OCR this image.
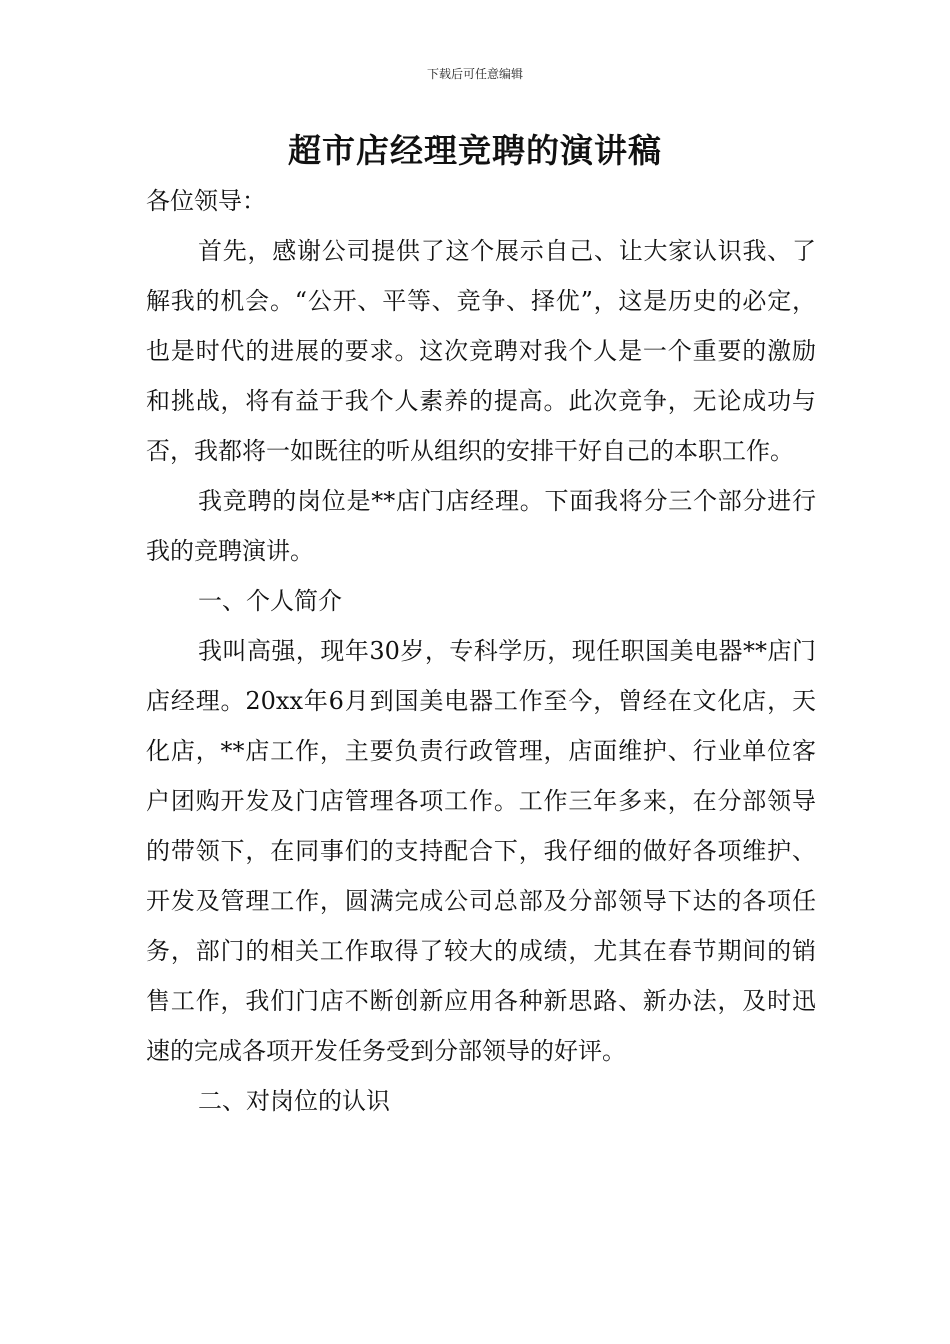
下载后可任意编辑
超市店经理竞聘的演讲稿

各位领导：

首先，感谢公司提供了这个展示自己、让大家认识我、了解我的机会。“公开、平等、竞争、择优”，这是历史的必定，也是时代的进展的要求。这次竞聘对我个人是一个重要的激励和挑战，将有益于我个人素养的提高。此次竞争，无论成功与否，我都将一如既往的听从组织的安排干好自己的本职工作。

我竞聘的岗位是**店门店经理。下面我将分三个部分进行我的竞聘演讲。

一、个人简介

我叫高强，现年30岁，专科学历，现任职国美电器**店门店经理。20xx年6月到国美电器工作至今，曾经在文化店，天化店，**店工作，主要负责行政管理，店面维护、行业单位客户团购开发及门店管理各项工作。工作三年多来，在分部领导的带领下，在同事们的支持配合下，我仔细的做好各项维护、开发及管理工作，圆满完成公司总部及分部领导下达的各项任务，部门的相关工作取得了较大的成绩，尤其在春节期间的销售工作，我们门店不断创新应用各种新思路、新办法，及时迅速的完成各项开发任务受到分部领导的好评。

二、对岗位的认识
